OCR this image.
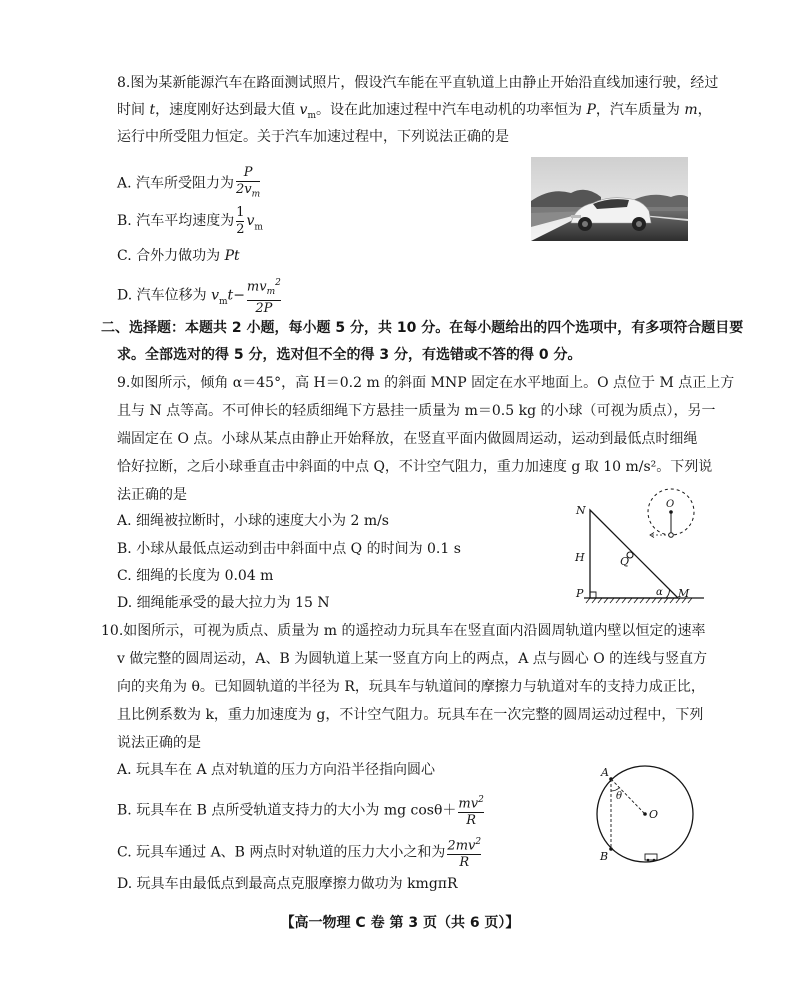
8.图为某新能源汽车在路面测试照片，假设汽车能在平直轨道上由静止开始沿直线加速行驶，经过
时间 t，速度刚好达到最大值 $v_m$。设在此加速过程中汽车电动机的功率恒为 P，汽车质量为 m，
运行中所受阻力恒定。关于汽车加速过程中，下列说法正确的是
A. 汽车所受阻力为 $\frac{P}{2v_m}$
B. 汽车平均速度为 $\frac{1}{2} v_m$
C. 合外力做功为 Pt
D. 汽车位移为 $v_mt- \frac{mv_m^2}{2P}$
二、选择题：本题共 2 小题，每小题 5 分，共 10 分。在每小题给出的四个选项中，有多项符合题目要
求。全部选对的得 5 分，选对但不全的得 3 分，有选错或不答的得 0 分。
9.如图所示，倾角 α＝45°，高 H＝0.2 m 的斜面 MNP 固定在水平地面上。O 点位于 M 点正上方
且与 N 点等高。不可伸长的轻质细绳下方悬挂一质量为 m＝0.5 kg 的小球（可视为质点），另一
端固定在 O 点。小球从某点由静止开始释放，在竖直平面内做圆周运动，运动到最低点时细绳
恰好拉断，之后小球垂直击中斜面的中点 Q，不计空气阻力，重力加速度 g 取 10 m/s²。下列说
法正确的是
A. 细绳被拉断时，小球的速度大小为 2 m/s
B. 小球从最低点运动到击中斜面中点 Q 的时间为 0.1 s
C. 细绳的长度为 0.04 m
D. 细绳能承受的最大拉力为 15 N
N
H	Q
P	α M
O
10.如图所示，可视为质点、质量为 m 的遥控动力玩具车在竖直面内沿圆周轨道内壁以恒定的速率
v 做完整的圆周运动，A、B 为圆轨道上某一竖直方向上的两点，A 点与圆心 O 的连线与竖直方
向的夹角为 θ。已知圆轨道的半径为 R，玩具车与轨道间的摩擦力与轨道对车的支持力成正比，
且比例系数为 k，重力加速度为 g，不计空气阻力。玩具车在一次完整的圆周运动过程中，下列
说法正确的是
A. 玩具车在 A 点对轨道的压力方向沿半径指向圆心
B. 玩具车在 B 点所受轨道支持力的大小为 mg $\cos\theta+ \frac{mv^2}{R}$
C. 玩具车通过 A、B 两点时对轨道的压力大小之和为 $\frac{2mv^2}{R}$
D. 玩具车由最低点到最高点克服摩擦力做功为 kmgπR
A
θ
O
B
【高一物理 C 卷 第 3 页（共 6 页）】
